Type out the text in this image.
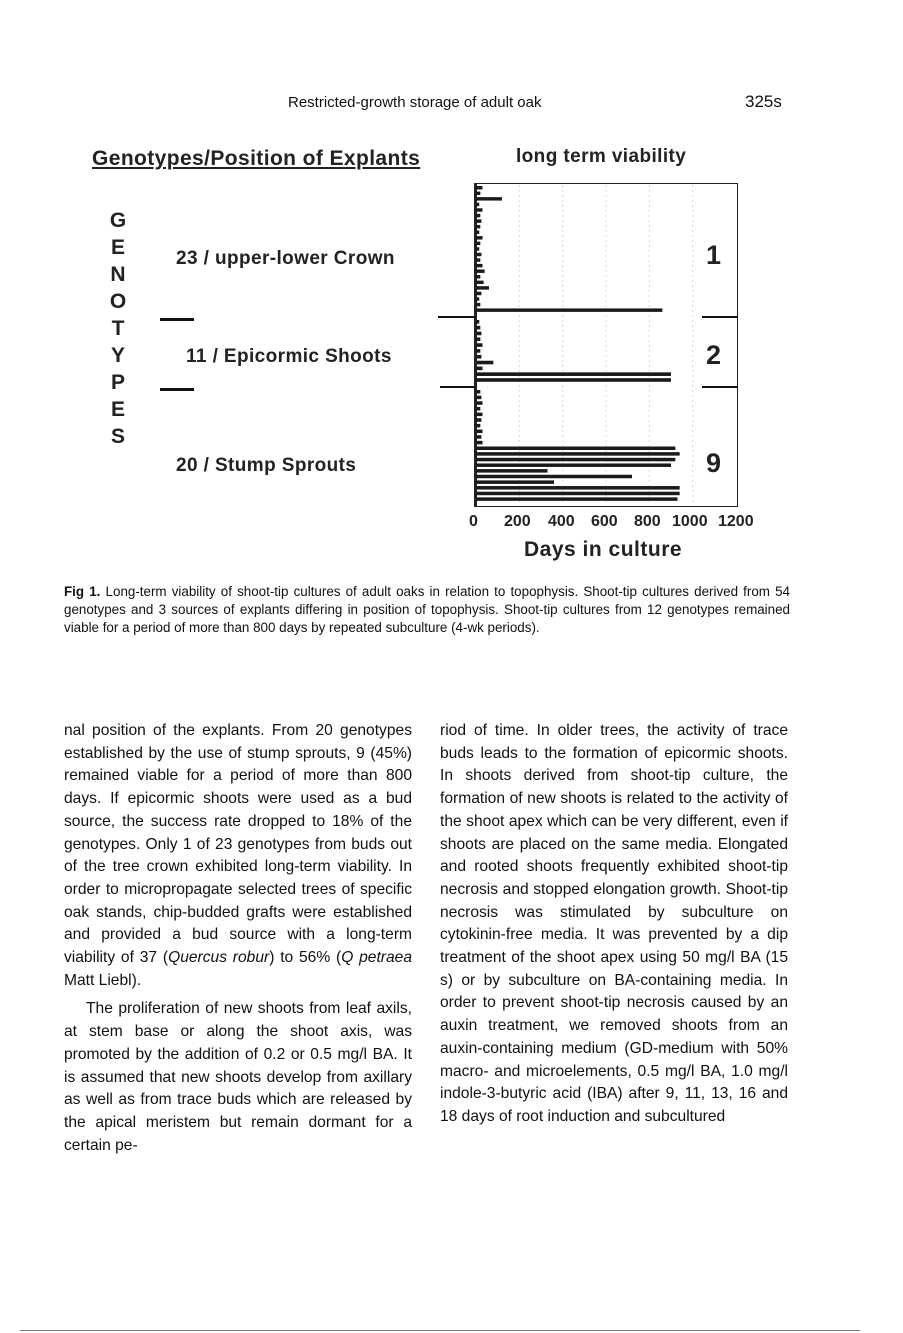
Restricted-growth storage of adult oak	325s
Genotypes/Position of Explants	long term viability
G
E
N
O
T
Y
P
E
S
23 / upper-lower Crown
11 / Epicormic Shoots
20 / Stump Sprouts
1
2
9
0 200 400 600 800 1000 1200
Days in culture
Fig 1. Long-term viability of shoot-tip cultures of adult oaks in relation to topophysis. Shoot-tip cultures derived from 54 genotypes and 3 sources of explants differing in position of topophysis. Shoot-tip cultures from 12 genotypes remained viable for a period of more than 800 days by repeated subculture (4-wk periods).

nal position of the explants. From 20 genotypes established by the use of stump sprouts, 9 (45%) remained viable for a period of more than 800 days. If epicormic shoots were used as a bud source, the success rate dropped to 18% of the genotypes. Only 1 of 23 genotypes from buds out of the tree crown exhibited long-term viability. In order to micropropagate selected trees of specific oak stands, chip-budded grafts were established and provided a bud source with a long-term viability of 37 (Quercus robur) to 56% (Q petraea Matt Liebl).

The proliferation of new shoots from leaf axils, at stem base or along the shoot axis, was promoted by the addition of 0.2 or 0.5 mg/l BA. It is assumed that new shoots develop from axillary as well as from trace buds which are released by the apical meristem but remain dormant for a certain pe-

riod of time. In older trees, the activity of trace buds leads to the formation of epicormic shoots. In shoots derived from shoot-tip culture, the formation of new shoots is related to the activity of the shoot apex which can be very different, even if shoots are placed on the same media. Elongated and rooted shoots frequently exhibited shoot-tip necrosis and stopped elongation growth. Shoot-tip necrosis was stimulated by subculture on cytokinin-free media. It was prevented by a dip treatment of the shoot apex using 50 mg/l BA (15 s) or by subculture on BA-containing media. In order to prevent shoot-tip necrosis caused by an auxin treatment, we removed shoots from an auxin-containing medium (GD-medium with 50% macro- and microelements, 0.5 mg/l BA, 1.0 mg/l indole-3-butyric acid (IBA) after 9, 11, 13, 16 and 18 days of root induction and subcultured
